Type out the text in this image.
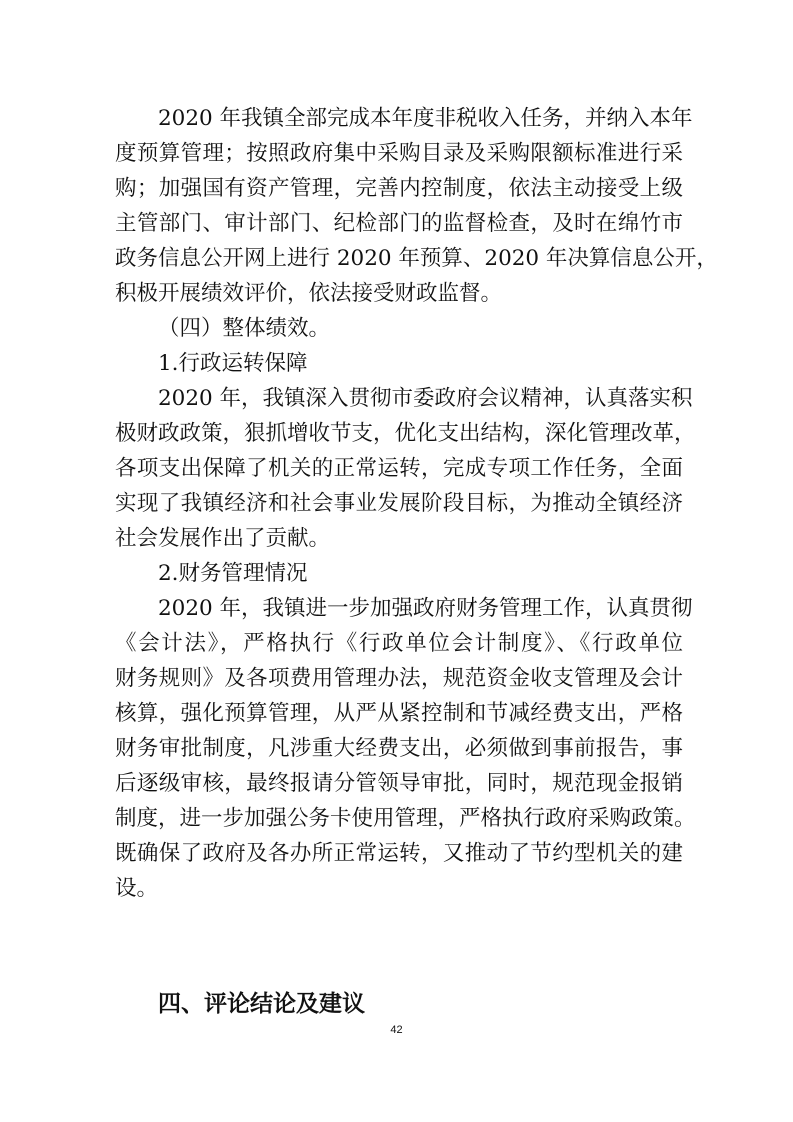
2020 年我镇全部完成本年度非税收入任务，并纳入本年
度预算管理；按照政府集中采购目录及采购限额标准进行采
购；加强国有资产管理，完善内控制度，依法主动接受上级
主管部门、审计部门、纪检部门的监督检查，及时在绵竹市
政务信息公开网上进行 2020 年预算、2020 年决算信息公开，
积极开展绩效评价，依法接受财政监督。
（四）整体绩效。
1.行政运转保障
2020 年，我镇深入贯彻市委政府会议精神，认真落实积
极财政政策，狠抓增收节支，优化支出结构，深化管理改革，
各项支出保障了机关的正常运转，完成专项工作任务，全面
实现了我镇经济和社会事业发展阶段目标，为推动全镇经济
社会发展作出了贡献。
2.财务管理情况
2020 年，我镇进一步加强政府财务管理工作，认真贯彻
《会计法》，严格执行《行政单位会计制度》、《行政单位
财务规则》及各项费用管理办法，规范资金收支管理及会计
核算，强化预算管理，从严从紧控制和节减经费支出，严格
财务审批制度，凡涉重大经费支出，必须做到事前报告，事
后逐级审核，最终报请分管领导审批，同时，规范现金报销
制度，进一步加强公务卡使用管理，严格执行政府采购政策。
既确保了政府及各办所正常运转，又推动了节约型机关的建
设。
四、评论结论及建议
42
